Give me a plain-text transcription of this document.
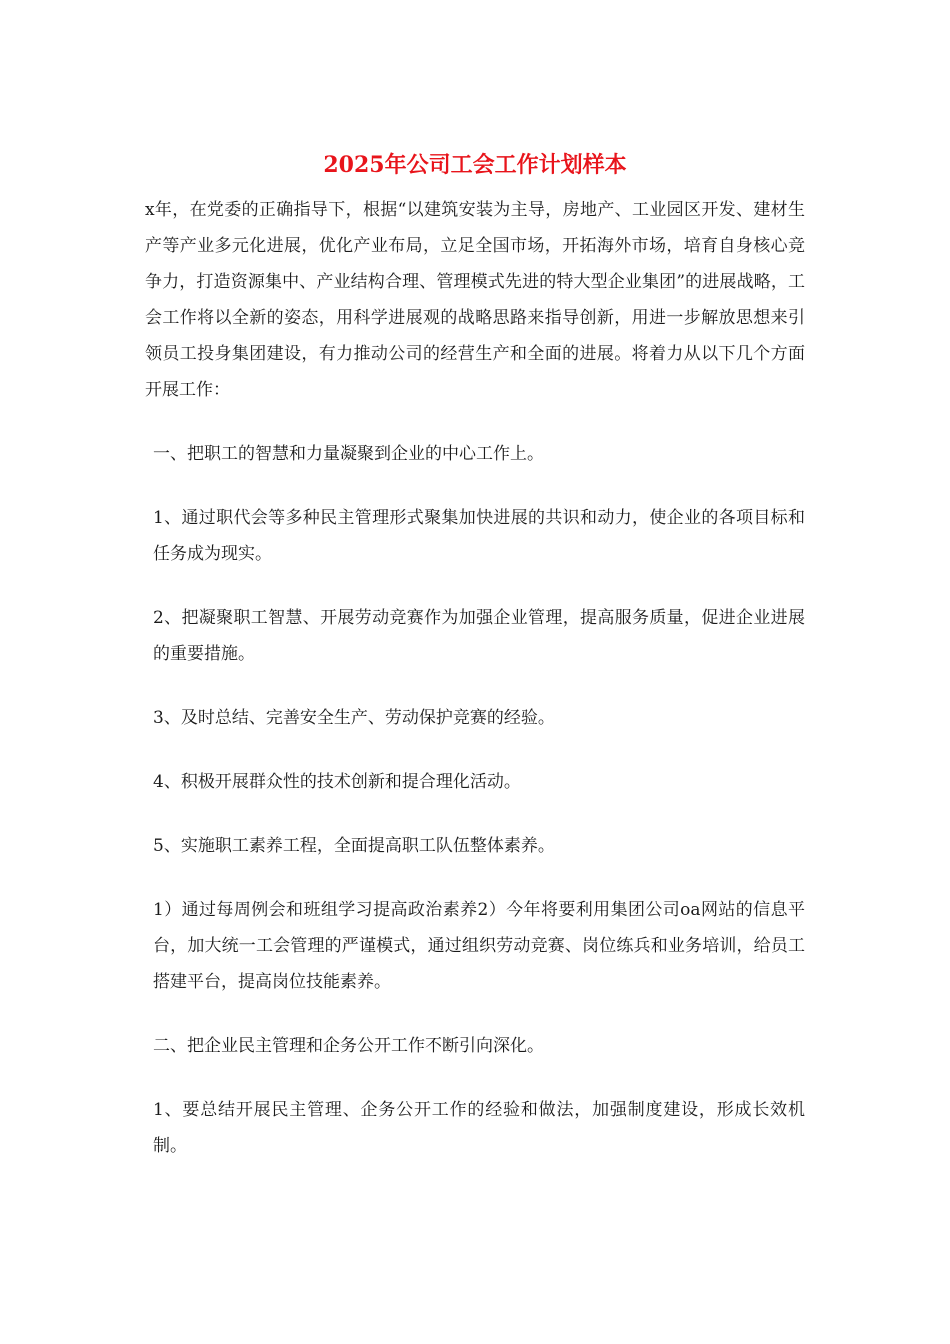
2025年公司工会工作计划样本

x年，在党委的正确指导下，根据“以建筑安装为主导，房地产、工业园区开发、建材生产等产业多元化进展，优化产业布局，立足全国市场，开拓海外市场，培育自身核心竞争力，打造资源集中、产业结构合理、管理模式先进的特大型企业集团”的进展战略，工会工作将以全新的姿态，用科学进展观的战略思路来指导创新，用进一步解放思想来引领员工投身集团建设，有力推动公司的经营生产和全面的进展。将着力从以下几个方面开展工作：

一、把职工的智慧和力量凝聚到企业的中心工作上。

1、通过职代会等多种民主管理形式聚集加快进展的共识和动力，使企业的各项目标和任务成为现实。

2、把凝聚职工智慧、开展劳动竞赛作为加强企业管理，提高服务质量，促进企业进展的重要措施。

3、及时总结、完善安全生产、劳动保护竞赛的经验。

4、积极开展群众性的技术创新和提合理化活动。

5、实施职工素养工程，全面提高职工队伍整体素养。

1）通过每周例会和班组学习提高政治素养2）今年将要利用集团公司oa网站的信息平台，加大统一工会管理的严谨模式，通过组织劳动竞赛、岗位练兵和业务培训，给员工搭建平台，提高岗位技能素养。

二、把企业民主管理和企务公开工作不断引向深化。

1、要总结开展民主管理、企务公开工作的经验和做法，加强制度建设，形成长效机制。
